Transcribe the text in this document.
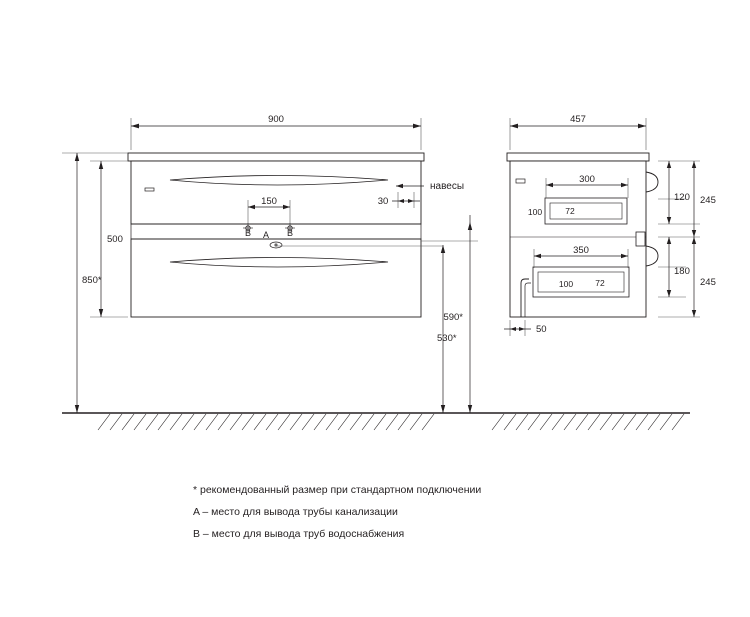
900
150	30
500
850*
590*
530*
457
300
100	72
350
100	72
120 245
180
245
50
B	B
A
навесы
* рекомендованный размер при стандартном подключении
A – место для вывода трубы канализации
B – место для вывода труб водоснабжения
